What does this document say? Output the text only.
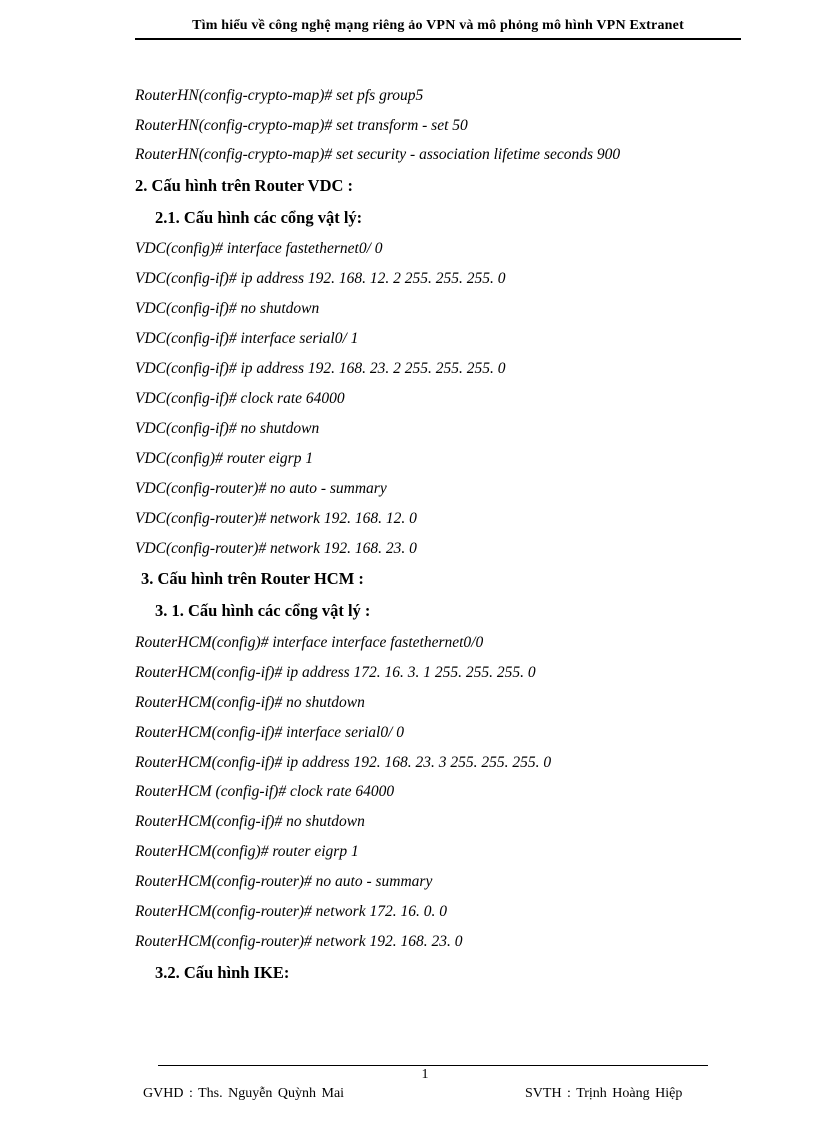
Tìm hiểu về công nghệ mạng riêng ảo VPN và mô phỏng mô hình VPN Extranet
RouterHN(config-crypto-map)# set pfs group5
RouterHN(config-crypto-map)# set transform - set 50
RouterHN(config-crypto-map)# set security - association lifetime seconds 900
2. Cấu hình trên Router VDC :
2.1. Cấu hình các cổng vật lý:
VDC(config)# interface fastethernet0/ 0
VDC(config-if)# ip address 192. 168. 12. 2 255. 255. 255. 0
VDC(config-if)# no shutdown
VDC(config-if)# interface serial0/ 1
VDC(config-if)# ip address 192. 168. 23. 2 255. 255. 255. 0
VDC(config-if)# clock rate 64000
VDC(config-if)# no shutdown
VDC(config)# router eigrp 1
VDC(config-router)# no auto - summary
VDC(config-router)# network 192. 168. 12. 0
VDC(config-router)# network 192. 168. 23. 0
3. Cấu hình trên Router HCM :
3. 1. Cấu hình các cổng vật lý :
RouterHCM(config)# interface interface fastethernet0/0
RouterHCM(config-if)# ip address 172. 16. 3. 1 255. 255. 255. 0
RouterHCM(config-if)# no shutdown
RouterHCM(config-if)# interface serial0/ 0
RouterHCM(config-if)# ip address 192. 168. 23. 3 255. 255. 255. 0
RouterHCM (config-if)# clock rate 64000
RouterHCM(config-if)# no shutdown
RouterHCM(config)# router eigrp 1
RouterHCM(config-router)# no auto - summary
RouterHCM(config-router)# network 172. 16. 0. 0
RouterHCM(config-router)# network 192. 168. 23. 0
3.2. Cấu hình IKE:
1
GVHD : Ths. Nguyễn Quỳnh Mai	SVTH : Trịnh Hoàng Hiệp
